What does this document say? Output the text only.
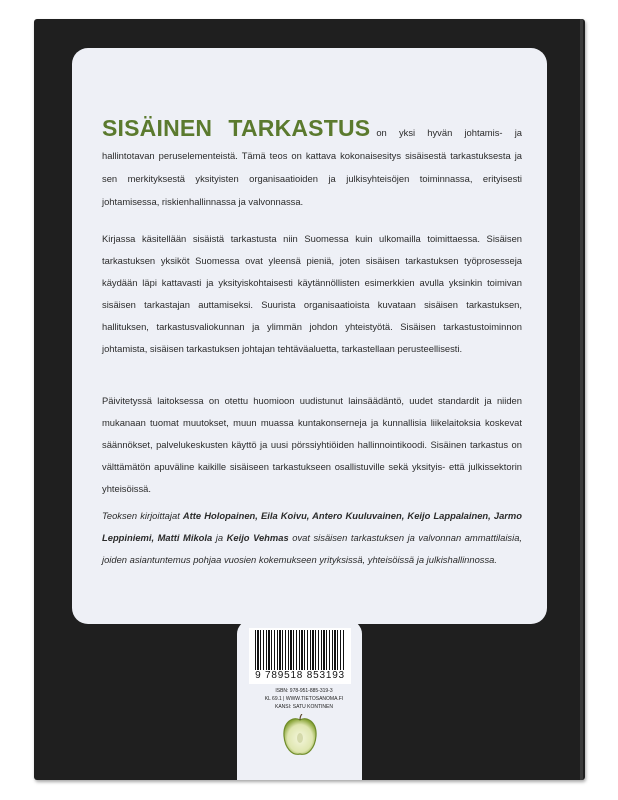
SISÄINEN TARKASTUS on yksi hyvän johtamis- ja hallintotavan peruselementeistä. Tämä teos on kattava kokonaisesitys sisäisestä tarkastuksesta ja sen merkityksestä yksityisten organisaatioiden ja julkisyhteisöjen toiminnassa, erityisesti johtamisessa, riskienhallinnassa ja valvonnassa.

Kirjassa käsitellään sisäistä tarkastusta niin Suomessa kuin ulkomailla toimittaessa. Sisäisen tarkastuksen yksiköt Suomessa ovat yleensä pieniä, joten sisäisen tarkastuksen työprosesseja käydään läpi kattavasti ja yksityiskohtaisesti käytännöllisten esimerkkien avulla yksinkin toimivan sisäisen tarkastajan auttamiseksi. Suurista organisaatioista kuvataan sisäisen tarkastuksen, hallituksen, tarkastusvaliokunnan ja ylimmän johdon yhteistyötä. Sisäisen tarkastustoiminnon johtamista, sisäisen tarkastuksen johtajan tehtäväaluetta, tarkastellaan perusteellisesti.

Päivitetyssä laitoksessa on otettu huomioon uudistunut lainsäädäntö, uudet standardit ja niiden mukanaan tuomat muutokset, muun muassa kuntakonserneja ja kunnallisia liikelaitoksia koskevat säännökset, palvelukeskusten käyttö ja uusi pörssiyhtiöiden hallinnointikoodi. Sisäinen tarkastus on välttämätön apuväline kaikille sisäiseen tarkastukseen osallistuville sekä yksityis- että julkissektorin yhteisöissä.

Teoksen kirjoittajat Atte Holopainen, Eila Koivu, Antero Kuuluvainen, Keijo Lappalainen, Jarmo Leppiniemi, Matti Mikola ja Keijo Vehmas ovat sisäisen tarkastuksen ja valvonnan ammattilaisia, joiden asiantuntemus pohjaa vuosien kokemukseen yrityksissä, yhteisöissä ja julkishallinnossa.

9 789518 853193
ISBN: 978-951-885-319-3
KL 69.1 | WWW.TIETOSANOMA.FI
KANSI: SATU KONTINEN
